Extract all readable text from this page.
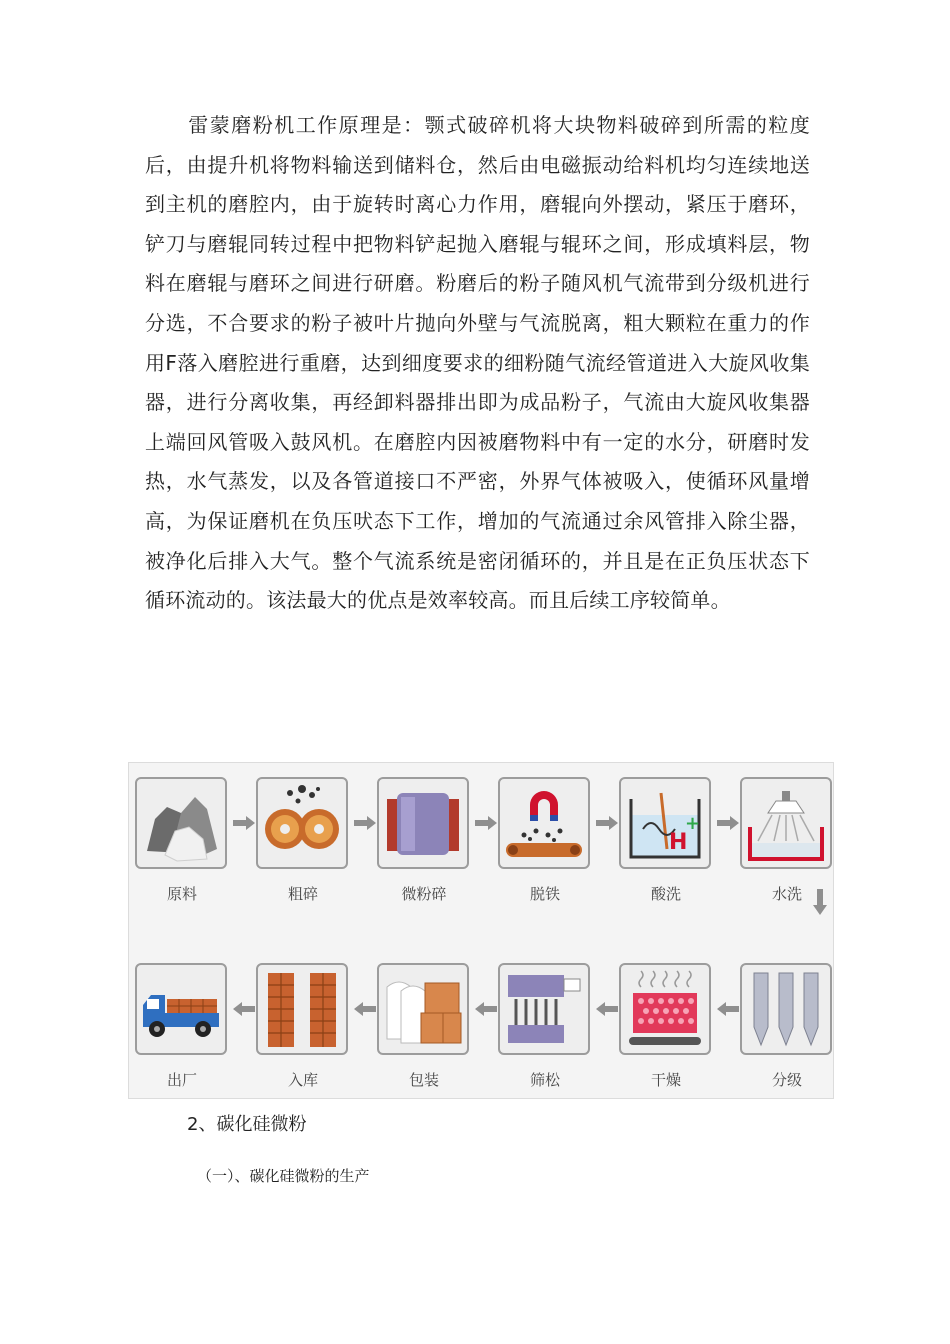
雷蒙磨粉机工作原理是：颚式破碎机将大块物料破碎到所需的粒度后，由提升机将物料输送到储料仓，然后由电磁振动给料机均匀连续地送到主机的磨腔内，由于旋转时离心力作用，磨辊向外摆动，紧压于磨环，铲刀与磨辊同转过程中把物料铲起抛入磨辊与辊环之间，形成填料层，物料在磨辊与磨环之间进行研磨。粉磨后的粉子随风机气流带到分级机进行分选，不合要求的粉子被叶片抛向外壁与气流脱离，粗大颗粒在重力的作用F落入磨腔进行重磨，达到细度要求的细粉随气流经管道进入大旋风收集器，进行分离收集，再经卸料器排出即为成品粉子，气流由大旋风收集器上端回风管吸入鼓风机。在磨腔内因被磨物料中有一定的水分，研磨时发热，水气蒸发，以及各管道接口不严密，外界气体被吸入，使循环风量增高，为保证磨机在负压吠态下工作，增加的气流通过余风管排入除尘器，被净化后排入大气。整个气流系统是密闭循环的，并且是在正负压状态下循环流动的。该法最大的优点是效率较高。而且后续工序较简单。

原料	粗碎	微粉碎	脱铁
H
+
酸洗	水洗
出厂	入库	包装	筛松	干燥	分级

2、碳化硅微粉

（一）、碳化硅微粉的生产
